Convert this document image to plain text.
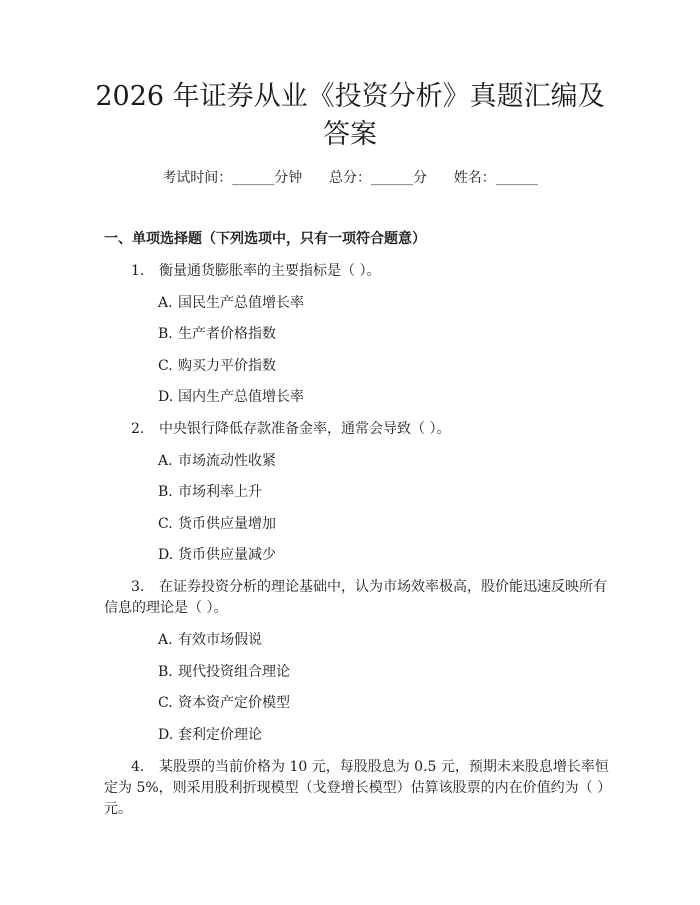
2026 年证券从业《投资分析》真题汇编及答案
考试时间：______分钟      总分：______分      姓名：______
一、单项选择题（下列选项中，只有一项符合题意）
1. 衡量通货膨胀率的主要指标是（ ）。
A. 国民生产总值增长率
B. 生产者价格指数
C. 购买力平价指数
D. 国内生产总值增长率
2. 中央银行降低存款准备金率，通常会导致（ ）。
A. 市场流动性收紧
B. 市场利率上升
C. 货币供应量增加
D. 货币供应量减少
3. 在证券投资分析的理论基础中，认为市场效率极高，股价能迅速反映所有
信息的理论是（ ）。
A. 有效市场假说
B. 现代投资组合理论
C. 资本资产定价模型
D. 套利定价理论
4. 某股票的当前价格为 10 元，每股股息为 0.5 元，预期未来股息增长率恒
定为 5%，则采用股利折现模型（戈登增长模型）估算该股票的内在价值约为（ ）
元。
